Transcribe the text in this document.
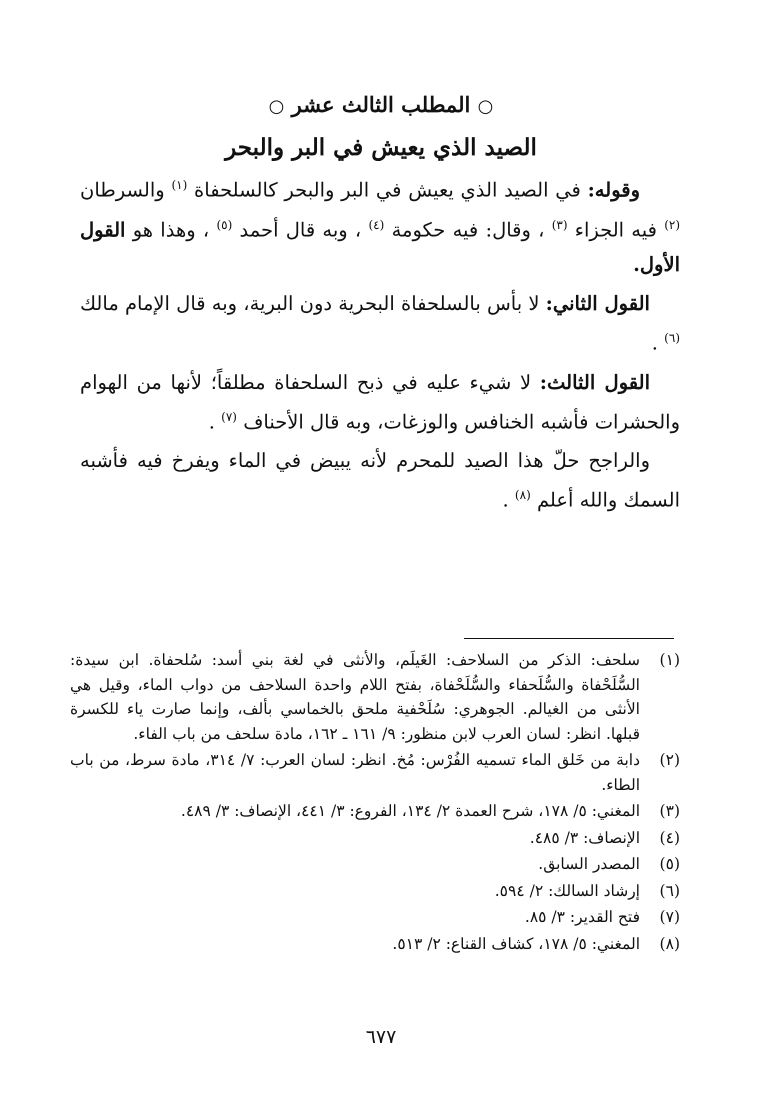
○ المطلب الثالث عشر ○
الصيد الذي يعيش في البر والبحر

وقوله: في الصيد الذي يعيش في البر والبحر كالسلحفاة $^{(١)}$ والسرطان $^{(٢)}$ فيه الجزاء $^{(٣)}$ ، وقال: فيه حكومة $^{(٤)}$ ، وبه قال أحمد $^{(٥)}$ ، وهذا هو القول الأول.

القول الثاني: لا بأس بالسلحفاة البحرية دون البرية، وبه قال الإمام مالك $^{(٦)}$ .

القول الثالث: لا شيء عليه في ذبح السلحفاة مطلقاً؛ لأنها من الهوام والحشرات فأشبه الخنافس والوزغات، وبه قال الأحناف $^{(٧)}$ .

والراجح حلّ هذا الصيد للمحرم لأنه يبيض في الماء ويفرخ فيه فأشبه السمك والله أعلم $^{(٨)}$ .

(١)
سلحف: الذكر من السلاحف: الغَيلَم، والأنثى في لغة بني أسد: سُلحفاة. ابن سيدة: السُّلَحْفاة والسُّلَحفاء والسُّلَحْفاة، بفتح اللام واحدة السلاحف من دواب الماء، وقيل هي الأنثى من الغيالم. الجوهري: سُلَحْفية ملحق بالخماسي بألف، وإنما صارت ياء للكسرة قبلها. انظر: لسان العرب لابن منظور: ٩/ ١٦١ ـ ١٦٢، مادة سلحف من باب الفاء.
(٢)
دابة من خَلق الماء تسميه الفُرْس: مُخ. انظر: لسان العرب: ٧/ ٣١٤، مادة سرط، من باب الطاء.
(٣)
المغني: ٥/ ١٧٨، شرح العمدة ٢/ ١٣٤، الفروع: ٣/ ٤٤١، الإنصاف: ٣/ ٤٨٩.
(٤)
الإنصاف: ٣/ ٤٨٥.
(٥)
المصدر السابق.
(٦)
إرشاد السالك: ٢/ ٥٩٤.
(٧)
فتح القدير: ٣/ ٨٥.
(٨)
المغني: ٥/ ١٧٨، كشاف القناع: ٢/ ٥١٣.
٦٧٧
